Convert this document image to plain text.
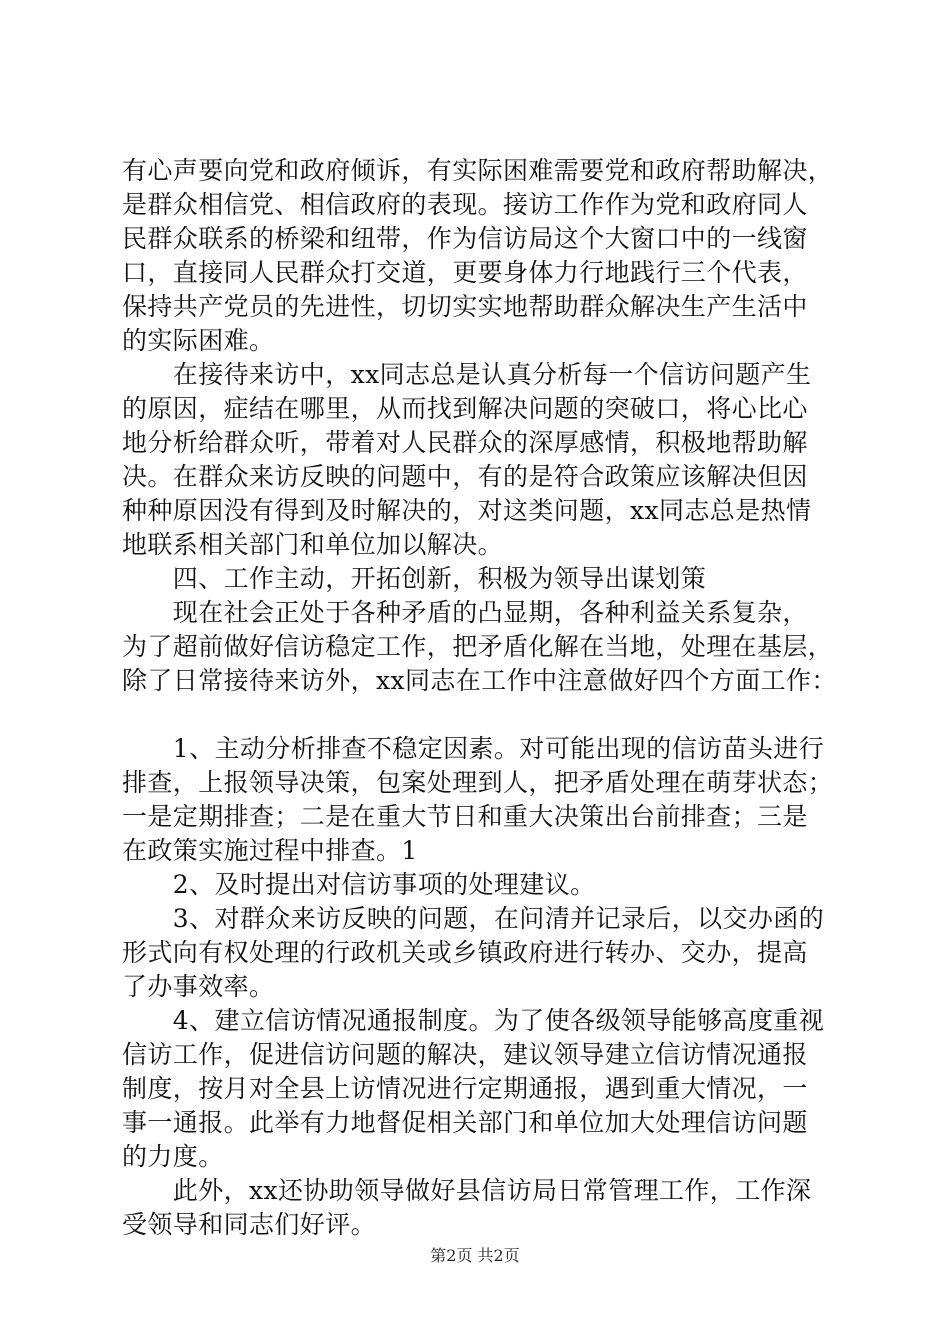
有心声要向党和政府倾诉，有实际困难需要党和政府帮助解决，
是群众相信党、相信政府的表现。接访工作作为党和政府同人
民群众联系的桥梁和纽带，作为信访局这个大窗口中的一线窗
口，直接同人民群众打交道，更要身体力行地践行三个代表，
保持共产党员的先进性，切切实实地帮助群众解决生产生活中
的实际困难。
　　在接待来访中，xx同志总是认真分析每一个信访问题产生
的原因，症结在哪里，从而找到解决问题的突破口，将心比心
地分析给群众听，带着对人民群众的深厚感情，积极地帮助解
决。在群众来访反映的问题中，有的是符合政策应该解决但因
种种原因没有得到及时解决的，对这类问题，xx同志总是热情
地联系相关部门和单位加以解决。
　　四、工作主动，开拓创新，积极为领导出谋划策
　　现在社会正处于各种矛盾的凸显期，各种利益关系复杂，
为了超前做好信访稳定工作，把矛盾化解在当地，处理在基层，
除了日常接待来访外，xx同志在工作中注意做好四个方面工作：
　　1、主动分析排查不稳定因素。对可能出现的信访苗头进行
排查，上报领导决策，包案处理到人，把矛盾处理在萌芽状态；
一是定期排查；二是在重大节日和重大决策出台前排查；三是
在政策实施过程中排查。1
　　2、及时提出对信访事项的处理建议。
　　3、对群众来访反映的问题，在问清并记录后，以交办函的
形式向有权处理的行政机关或乡镇政府进行转办、交办，提高
了办事效率。
　　4、建立信访情况通报制度。为了使各级领导能够高度重视
信访工作，促进信访问题的解决，建议领导建立信访情况通报
制度，按月对全县上访情况进行定期通报，遇到重大情况，一
事一通报。此举有力地督促相关部门和单位加大处理信访问题
的力度。
　　此外，xx还协助领导做好县信访局日常管理工作，工作深
受领导和同志们好评。
第2页 共2页
